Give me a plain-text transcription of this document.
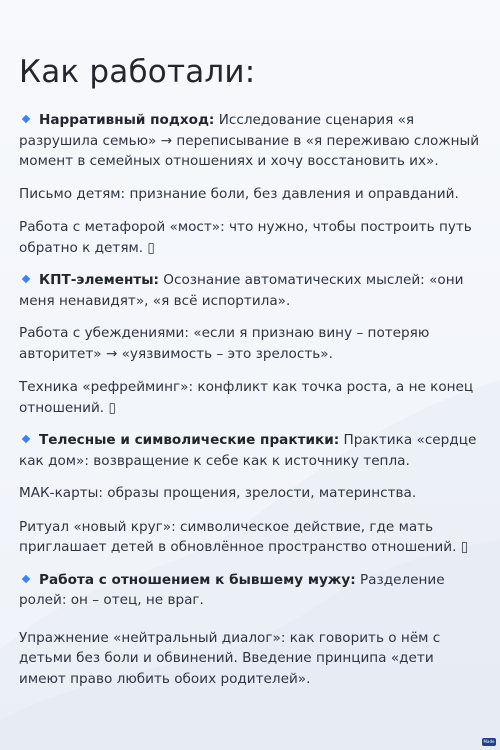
Как работали:

Нарративный подход: Исследование сценария «я разрушила семью» → переписывание в «я переживаю сложный момент в семейных отношениях и хочу восстановить их».

Письмо детям: признание боли, без давления и оправданий.

Работа с метафорой «мост»: что нужно, чтобы построить путь обратно к детям. ▯

КПТ-элементы: Осознание автоматических мыслей: «они меня ненавидят», «я всё испортила».

Работа с убеждениями: «если я признаю вину – потеряю авторитет» → «уязвимость – это зрелость».

Техника «рефрейминг»: конфликт как точка роста, а не конец отношений. ▯

Телесные и символические практики: Практика «сердце как дом»: возвращение к себе как к источнику тепла.

МАК-карты: образы прощения, зрелости, материнства.

Ритуал «новый круг»: символическое действие, где мать приглашает детей в обновлённое пространство отношений. ▯

Работа с отношением к бывшему мужу: Разделение ролей: он – отец, не враг.

Упражнение «нейтральный диалог»: как говорить о нём с детьми без боли и обвинений. Введение принципа «дети имеют право любить обоих родителей».

Made
